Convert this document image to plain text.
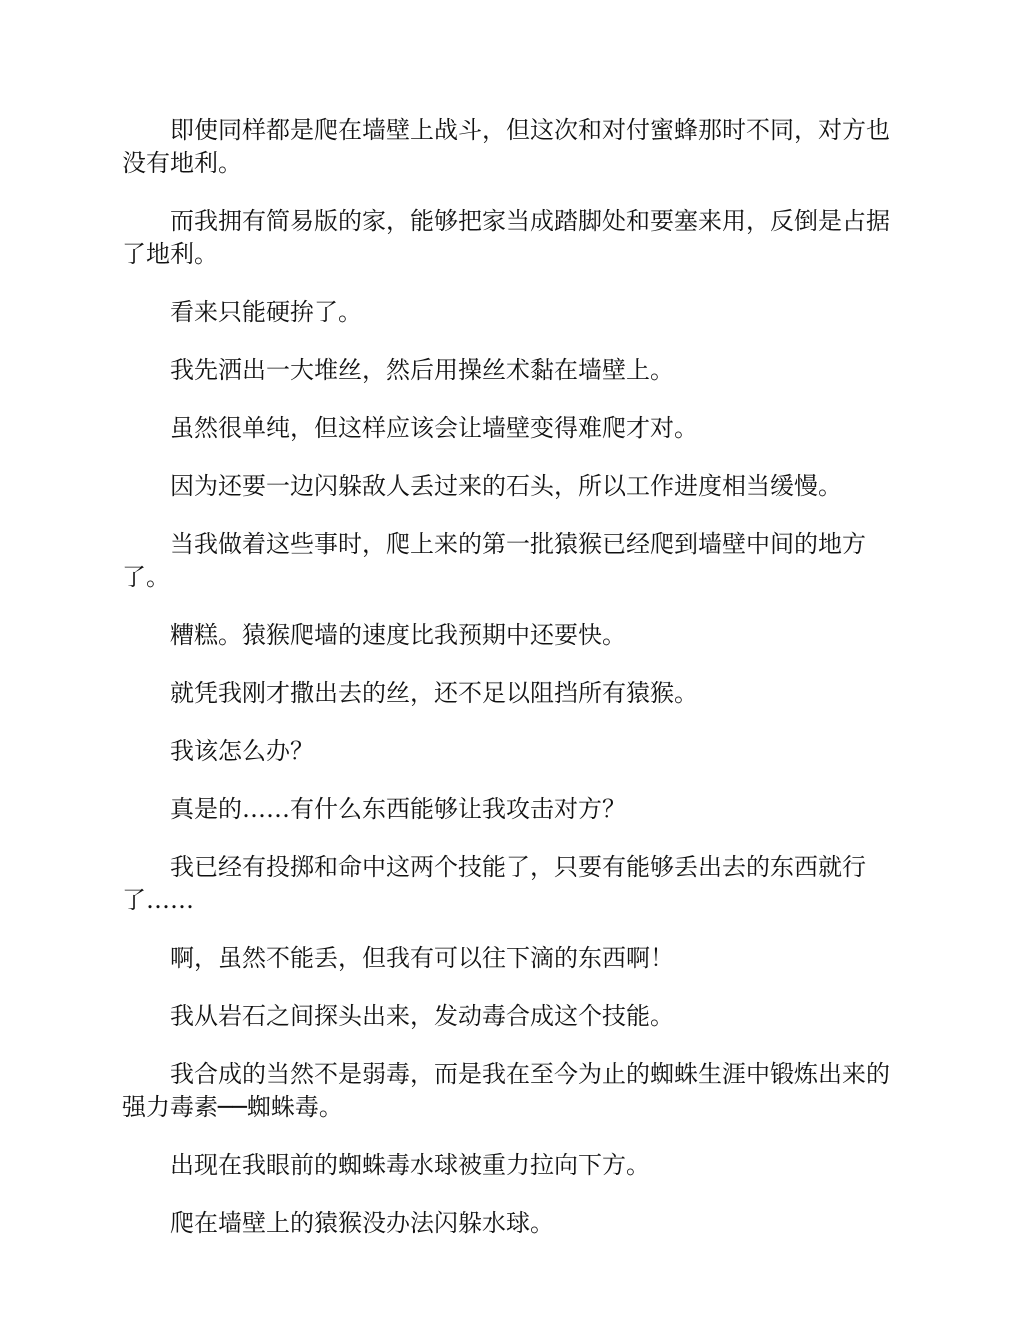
即使同样都是爬在墙壁上战斗，但这次和对付蜜蜂那时不同，对方也没有地利。

而我拥有简易版的家，能够把家当成踏脚处和要塞来用，反倒是占据了地利。

看来只能硬拚了。

我先洒出一大堆丝，然后用操丝术黏在墙壁上。

虽然很单纯，但这样应该会让墙壁变得难爬才对。

因为还要一边闪躲敌人丢过来的石头，所以工作进度相当缓慢。

当我做着这些事时，爬上来的第一批猿猴已经爬到墙壁中间的地方了。

糟糕。猿猴爬墙的速度比我预期中还要快。

就凭我刚才撒出去的丝，还不足以阻挡所有猿猴。

我该怎么办？

真是的……有什么东西能够让我攻击对方？

我已经有投掷和命中这两个技能了，只要有能够丢出去的东西就行了……

啊，虽然不能丢，但我有可以往下滴的东西啊！

我从岩石之间探头出来，发动毒合成这个技能。

我合成的当然不是弱毒，而是我在至今为止的蜘蛛生涯中锻炼出来的强力毒素──蜘蛛毒。

出现在我眼前的蜘蛛毒水球被重力拉向下方。

爬在墙壁上的猿猴没办法闪躲水球。
